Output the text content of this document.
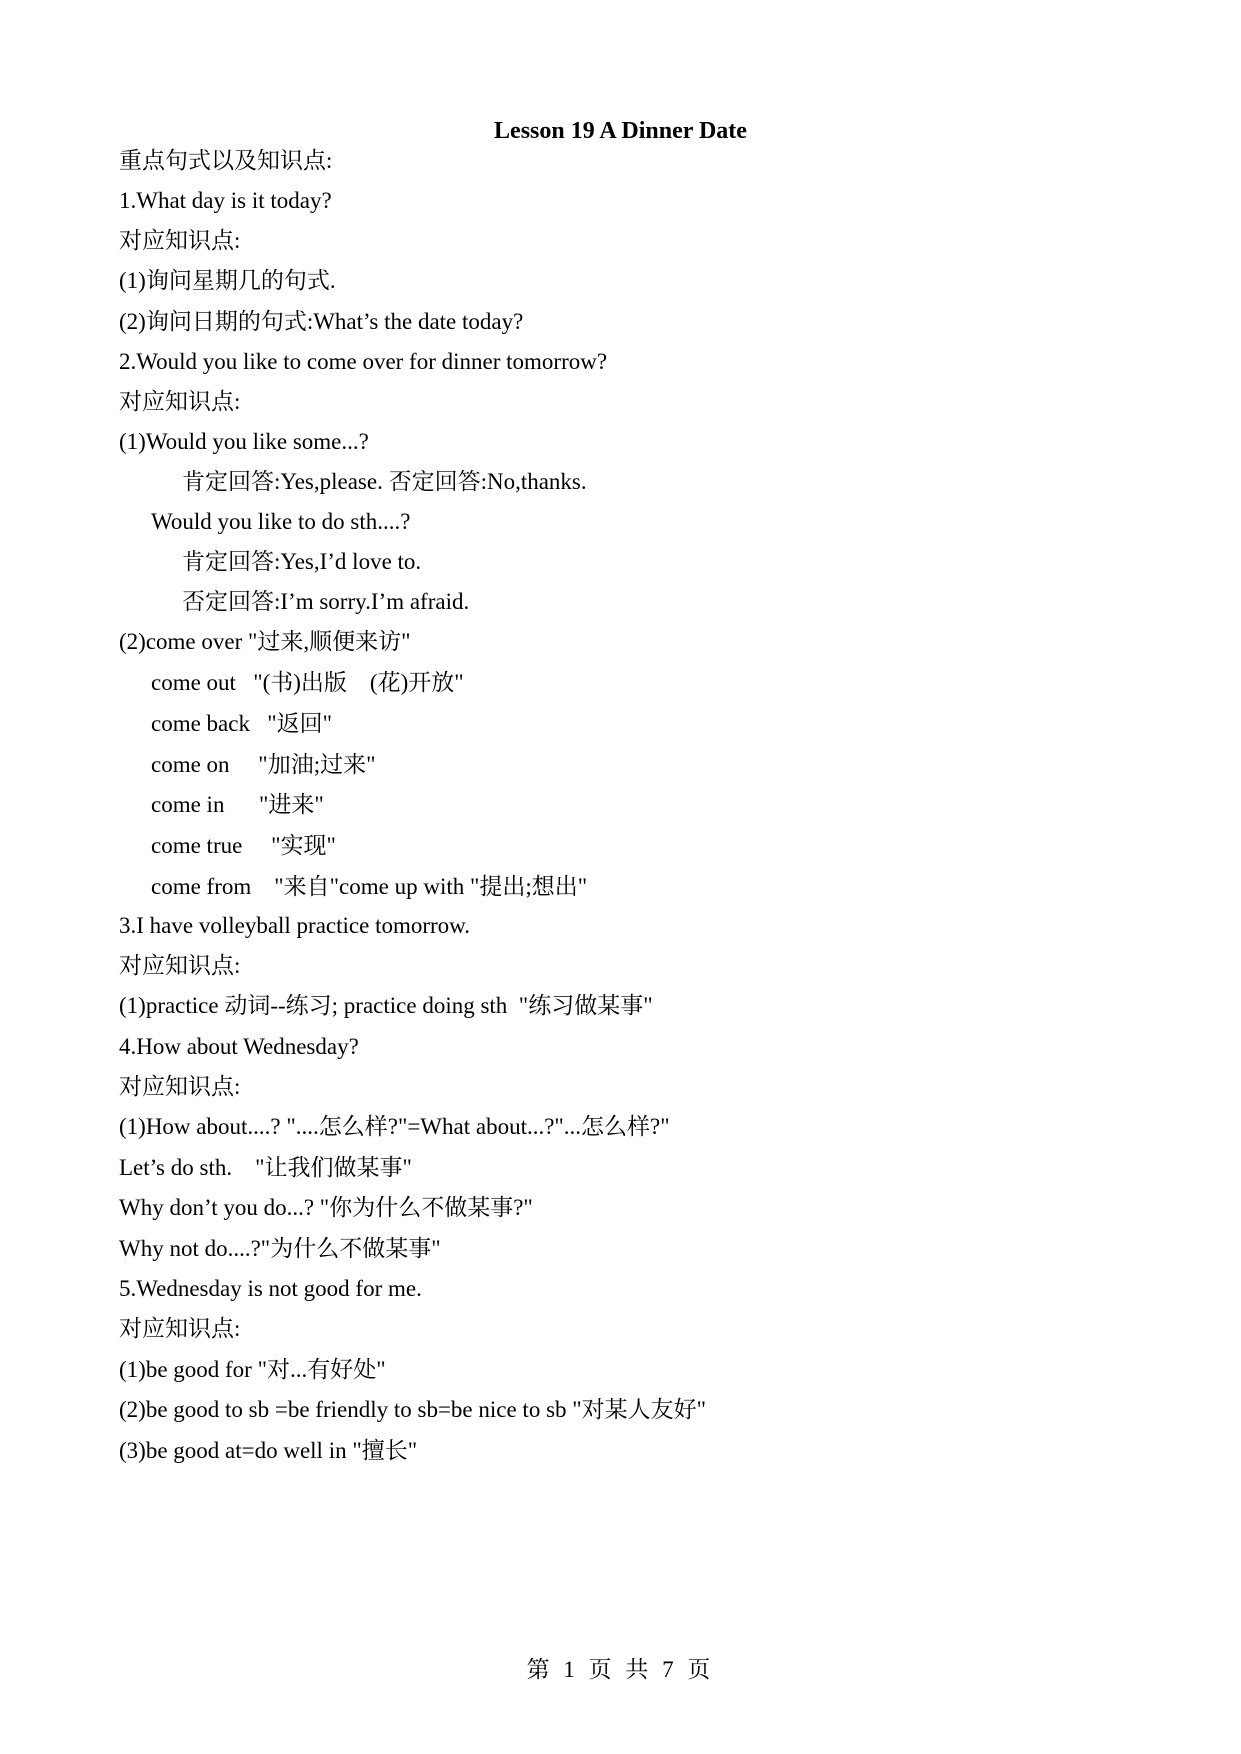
Lesson 19 A Dinner Date
重点句式以及知识点:
1.What day is it today?
对应知识点:
(1)询问星期几的句式.
(2)询问日期的句式:What’s the date today?
2.Would you like to come over for dinner tomorrow?
对应知识点:
(1)Would you like some...?
肯定回答:Yes,please. 否定回答:No,thanks.
Would you like to do sth....?
肯定回答:Yes,I’d love to.
否定回答:I’m sorry.I’m afraid.
(2)come over "过来,顺便来访"
come out   "(书)出版    (花)开放"
come back   "返回"
come on     "加油;过来"
come in      "进来"
come true     "实现"
come from    "来自"come up with "提出;想出"
3.I have volleyball practice tomorrow.
对应知识点:
(1)practice 动词--练习; practice doing sth  "练习做某事"
4.How about Wednesday?
对应知识点:
(1)How about....? "....怎么样?"=What about...?"...怎么样?"
Let’s do sth.    "让我们做某事"
Why don’t you do...? "你为什么不做某事?"
Why not do....?"为什么不做某事"
5.Wednesday is not good for me.
对应知识点:
(1)be good for "对...有好处"
(2)be good to sb =be friendly to sb=be nice to sb "对某人友好"
(3)be good at=do well in "擅长"
第 1 页 共 7 页
